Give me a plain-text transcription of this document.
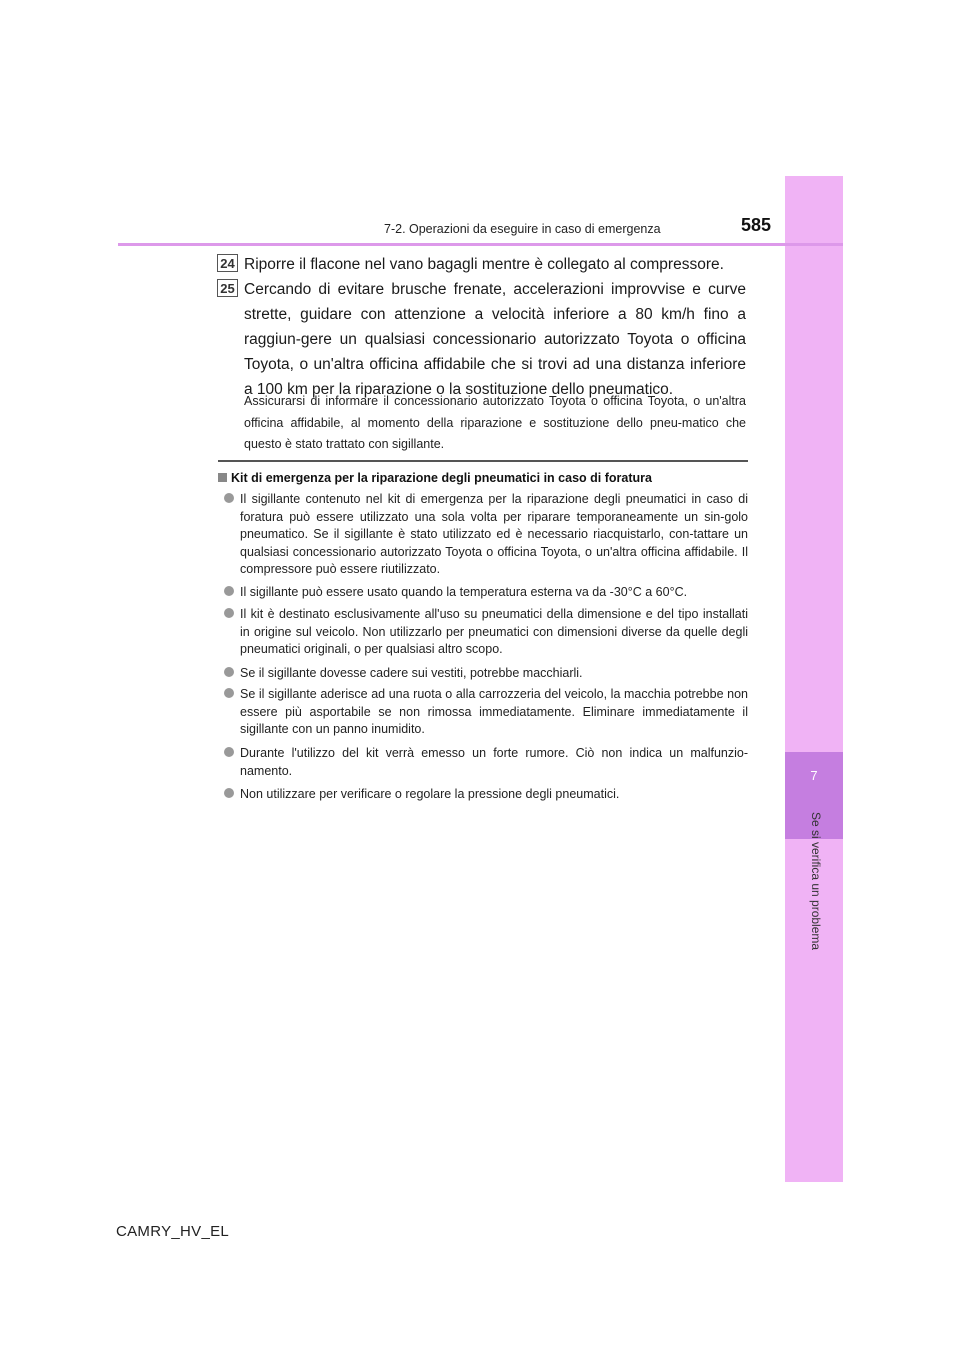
7
Se si verifica un problema
7-2. Operazioni da eseguire in caso di emergenza	585
24 Riporre il flacone nel vano bagagli mentre è collegato al compressore.
25 Cercando di evitare brusche frenate, accelerazioni improvvise e curve strette, guidare con attenzione a velocità inferiore a 80 km/h fino a raggiun-gere un qualsiasi concessionario autorizzato Toyota o officina Toyota, o un'altra officina affidabile che si trovi ad una distanza inferiore a 100 km per la riparazione o la sostituzione dello pneumatico.
Assicurarsi di informare il concessionario autorizzato Toyota o officina Toyota, o un'altra officina affidabile, al momento della riparazione e sostituzione dello pneu-matico che questo è stato trattato con sigillante.
Kit di emergenza per la riparazione degli pneumatici in caso di foratura
Il sigillante contenuto nel kit di emergenza per la riparazione degli pneumatici in caso di foratura può essere utilizzato una sola volta per riparare temporaneamente un sin-golo pneumatico. Se il sigillante è stato utilizzato ed è necessario riacquistarlo, con-tattare un qualsiasi concessionario autorizzato Toyota o officina Toyota, o un'altra officina affidabile. Il compressore può essere riutilizzato.
Il sigillante può essere usato quando la temperatura esterna va da -30°C a 60°C.
Il kit è destinato esclusivamente all'uso su pneumatici della dimensione e del tipo installati in origine sul veicolo. Non utilizzarlo per pneumatici con dimensioni diverse da quelle degli pneumatici originali, o per qualsiasi altro scopo.
Se il sigillante dovesse cadere sui vestiti, potrebbe macchiarli.
Se il sigillante aderisce ad una ruota o alla carrozzeria del veicolo, la macchia potrebbe non essere più asportabile se non rimossa immediatamente. Eliminare immediatamente il sigillante con un panno inumidito.
Durante l'utilizzo del kit verrà emesso un forte rumore. Ciò non indica un malfunzio-namento.
Non utilizzare per verificare o regolare la pressione degli pneumatici.
CAMRY_HV_EL
